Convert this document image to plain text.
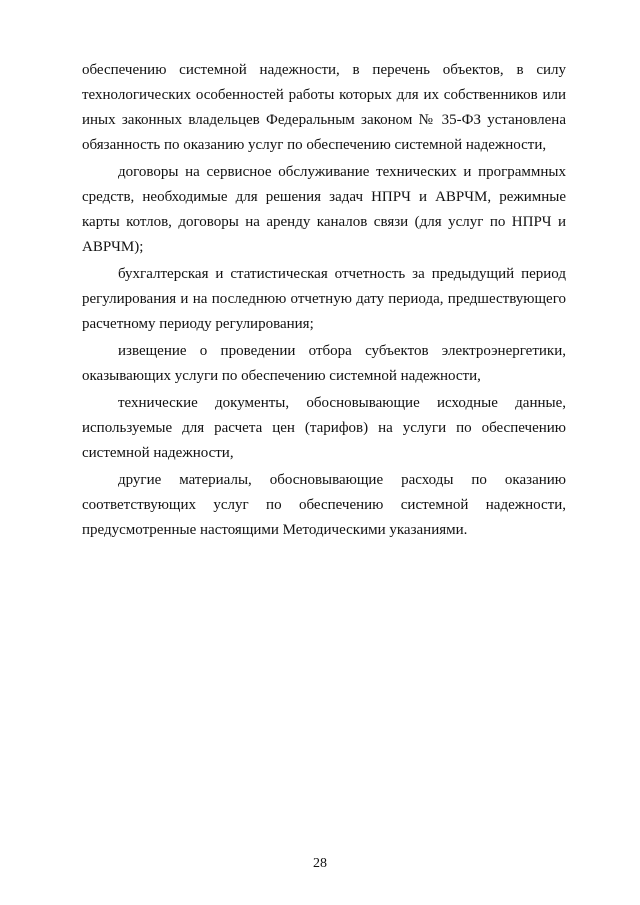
обеспечению системной надежности, в перечень объектов, в силу технологических особенностей работы которых для их собственников или иных законных владельцев Федеральным законом № 35-ФЗ установлена обязанность по оказанию услуг по обеспечению системной надежности,

договоры на сервисное обслуживание технических и программных средств, необходимые для решения задач НПРЧ и АВРЧМ, режимные карты котлов, договоры на аренду каналов связи (для услуг по НПРЧ и АВРЧМ);

бухгалтерская и статистическая отчетность за предыдущий период регулирования и на последнюю отчетную дату периода, предшествующего расчетному периоду регулирования;

извещение о проведении отбора субъектов электроэнергетики, оказывающих услуги по обеспечению системной надежности,

технические документы, обосновывающие исходные данные, используемые для расчета цен (тарифов) на услуги по обеспечению системной надежности,

другие материалы, обосновывающие расходы по оказанию соответствующих услуг по обеспечению системной надежности, предусмотренные настоящими Методическими указаниями.

28
